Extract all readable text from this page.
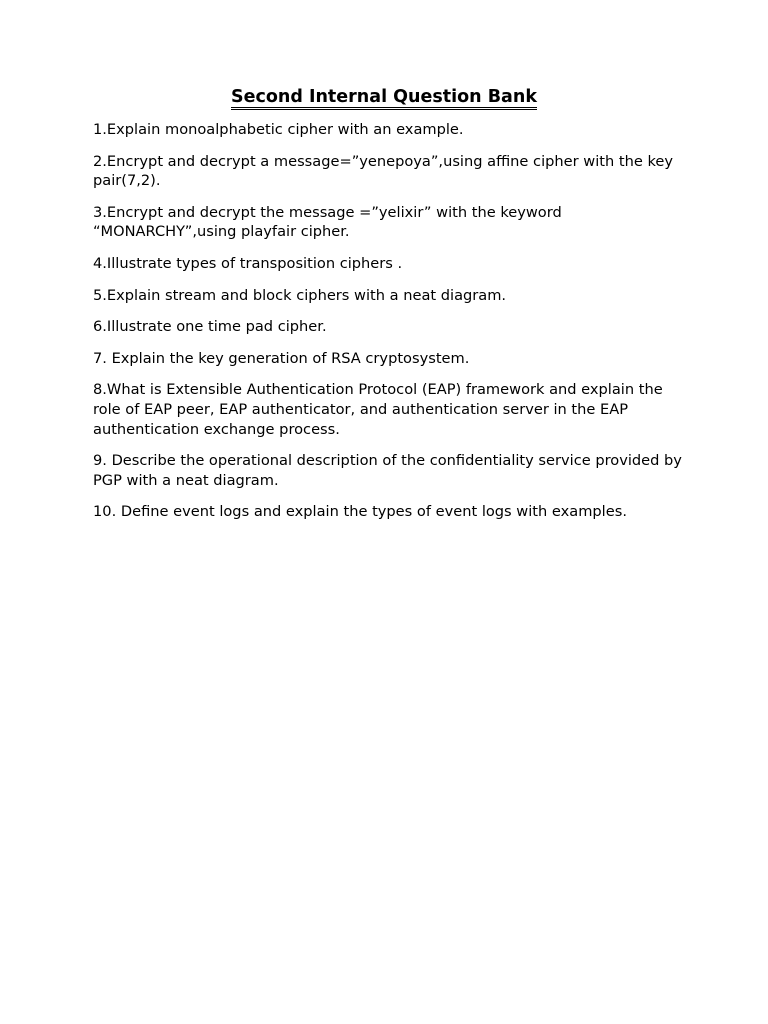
Second Internal Question Bank
1.Explain monoalphabetic cipher with an example.
2.Encrypt and decrypt a message=”yenepoya”,using affine cipher with the key pair(7,2).
3.Encrypt and decrypt the message =”yelixir” with the keyword “MONARCHY”,using playfair cipher.
4.Illustrate types of transposition ciphers .
5.Explain stream and block ciphers with a neat diagram.
6.Illustrate one time pad cipher.
7. Explain the key generation of RSA cryptosystem.
8.What is Extensible Authentication Protocol (EAP) framework and explain the role of EAP peer, EAP authenticator, and authentication server in the EAP authentication exchange process.
9. Describe the operational description of the confidentiality service provided by PGP with a neat diagram.
10. Define event logs and explain the types of event logs with examples.
